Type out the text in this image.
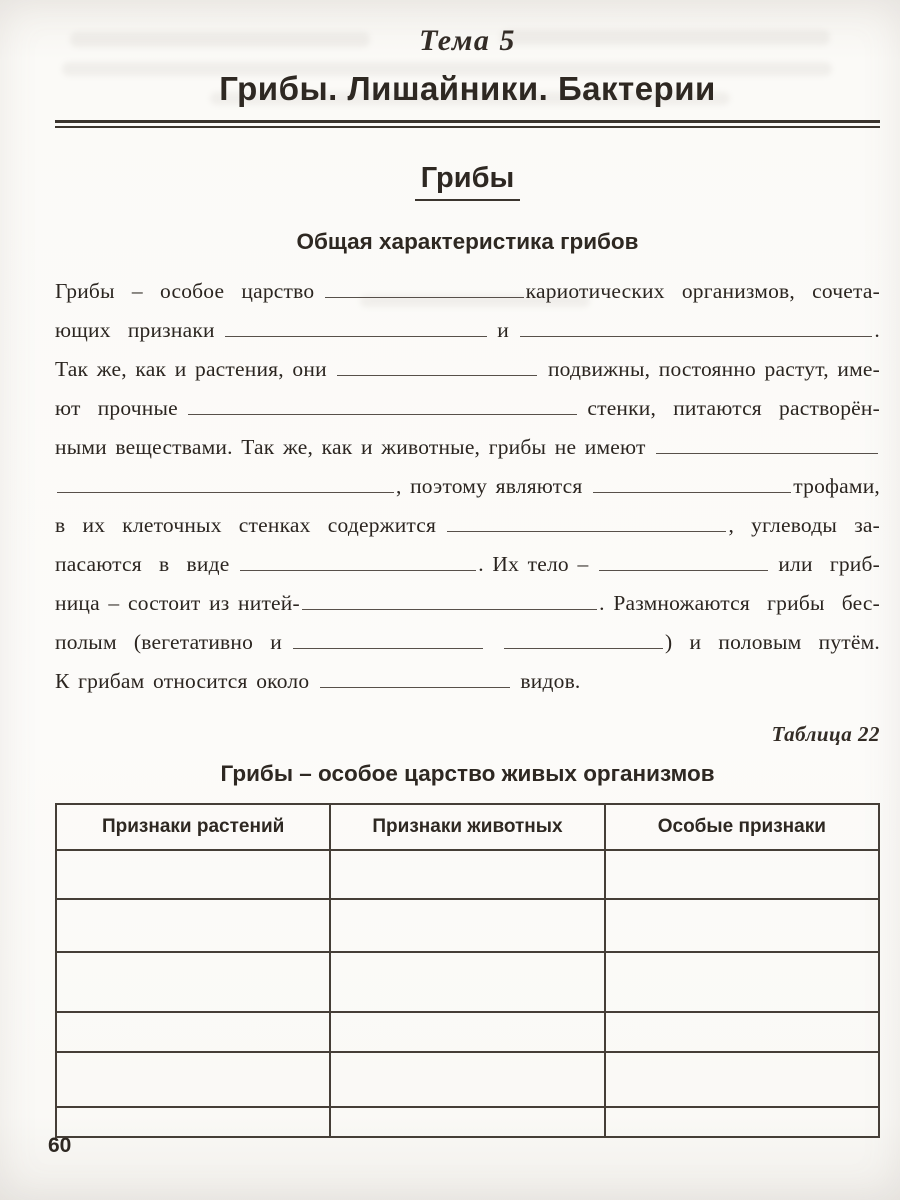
Тема 5
Грибы. Лишайники. Бактерии
Грибы
Общая характеристика грибов
Грибы  –  особое  царство	кариотических  организмов,  сочета-
ющих  признаки	и	.
Так же, как и растения, они	подвижны, постоянно растут, име-
ют  прочные	стенки,  питаются  растворён-
ными веществами. Так же, как и животные, грибы не имеют
, поэтому являются	трофами,
в  их  клеточных  стенках  содержится	,  углеводы  за-
пасаются  в  виде	. Их тело –	или  гриб-
ница – состоит из нитей-	. Размножаются  грибы  бес-
полым  (вегетативно  и
	)  и  половым  путём.
К грибам относится около	видов.
Таблица 22
Грибы – особое царство живых организмов
Признаки растений	Признаки животных	Особые признаки

60
